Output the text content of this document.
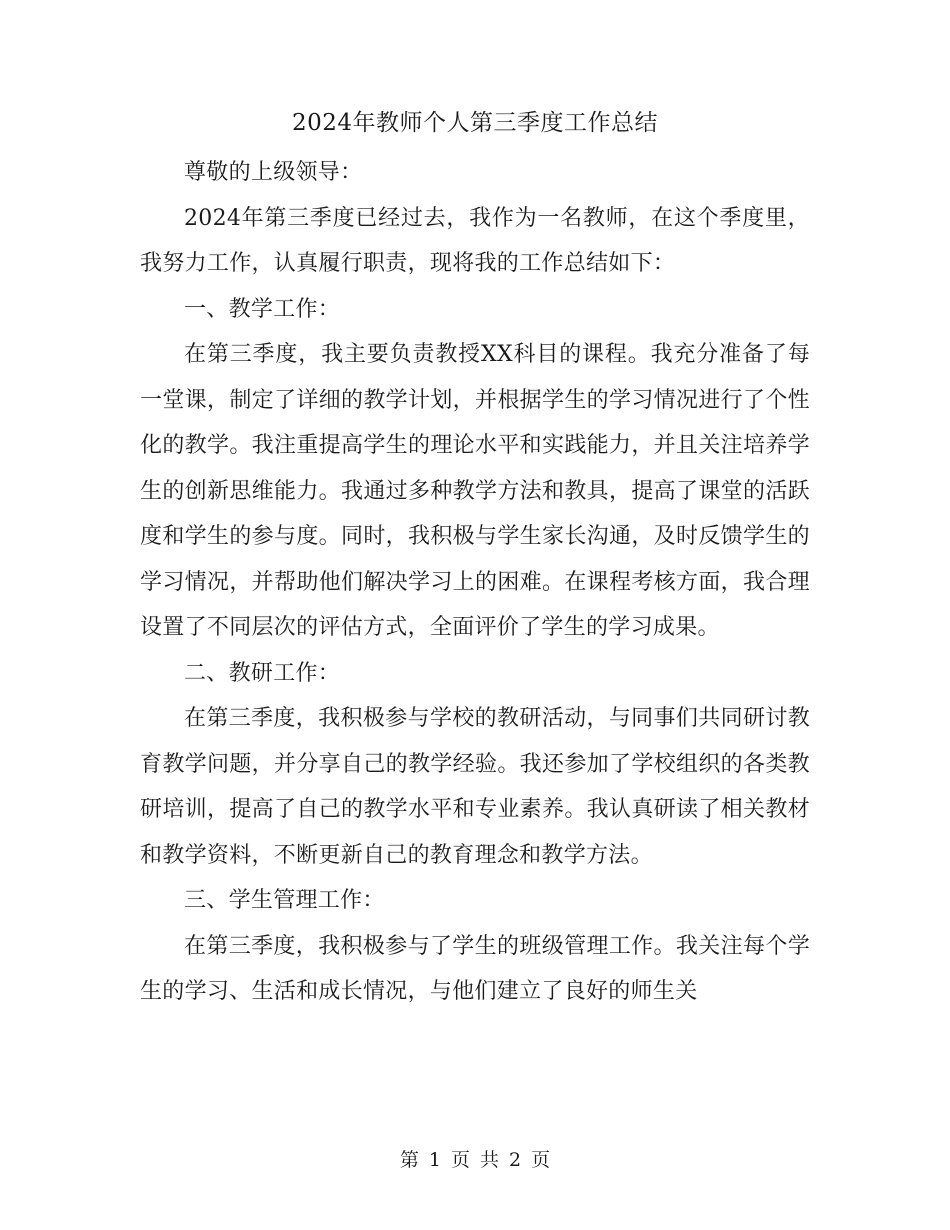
2024年教师个人第三季度工作总结

尊敬的上级领导：

2024年第三季度已经过去，我作为一名教师，在这个季度里，我努力工作，认真履行职责，现将我的工作总结如下：

一、教学工作：

在第三季度，我主要负责教授XX科目的课程。我充分准备了每一堂课，制定了详细的教学计划，并根据学生的学习情况进行了个性化的教学。我注重提高学生的理论水平和实践能力，并且关注培养学生的创新思维能力。我通过多种教学方法和教具，提高了课堂的活跃度和学生的参与度。同时，我积极与学生家长沟通，及时反馈学生的学习情况，并帮助他们解决学习上的困难。在课程考核方面，我合理设置了不同层次的评估方式，全面评价了学生的学习成果。

二、教研工作：

在第三季度，我积极参与学校的教研活动，与同事们共同研讨教育教学问题，并分享自己的教学经验。我还参加了学校组织的各类教研培训，提高了自己的教学水平和专业素养。我认真研读了相关教材和教学资料，不断更新自己的教育理念和教学方法。

三、学生管理工作：

在第三季度，我积极参与了学生的班级管理工作。我关注每个学生的学习、生活和成长情况，与他们建立了良好的师生关

第 1 页 共 2 页
